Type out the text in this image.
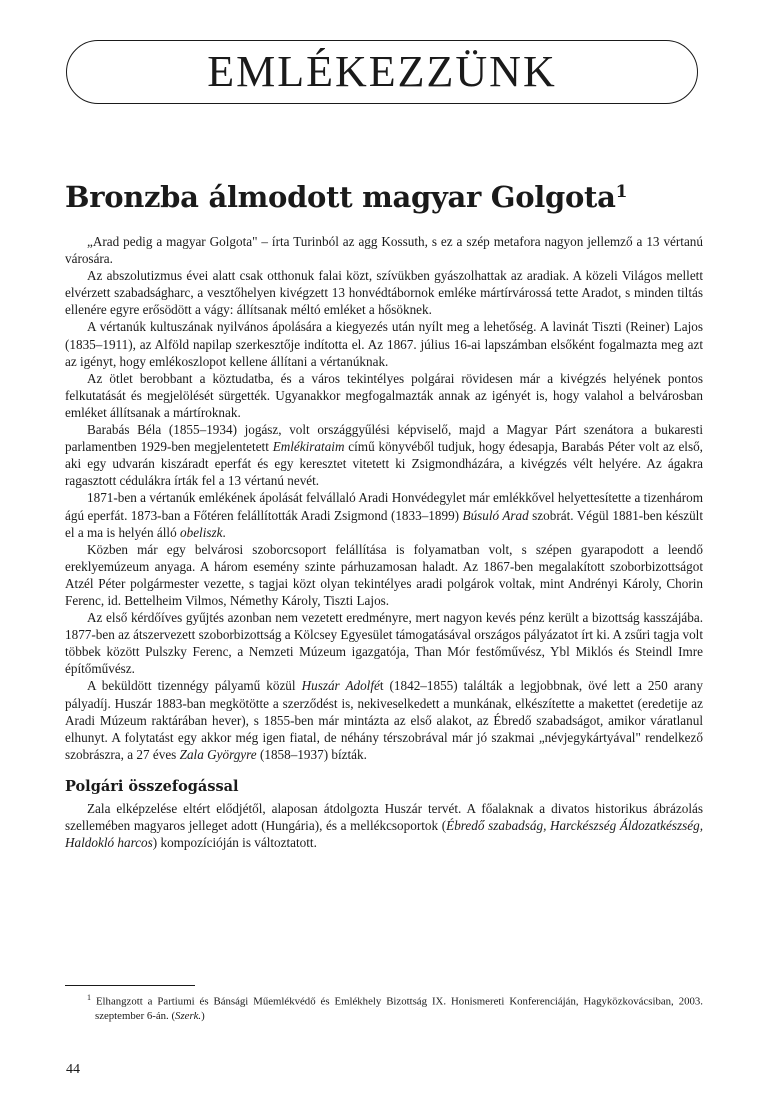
EMLÉKEZZÜNK
Bronzba álmodott magyar Golgota$^1$

„Arad pedig a magyar Golgota" – írta Turinból az agg Kossuth, s ez a szép metafora nagyon jellemző a 13 vértanú városára.

Az abszolutizmus évei alatt csak otthonuk falai közt, szívükben gyászolhattak az aradiak. A közeli Világos mellett elvérzett szabadságharc, a vesztőhelyen kivégzett 13 honvédtábornok emléke mártírvárossá tette Aradot, s minden tiltás ellenére egyre erősödött a vágy: állítsanak méltó emléket a hősöknek.

A vértanúk kultuszának nyilvános ápolására a kiegyezés után nyílt meg a lehetőség. A lavinát Tiszti (Reiner) Lajos (1835–1911), az Alföld napilap szerkesztője indította el. Az 1867. július 16-ai lapszámban elsőként fogalmazta meg azt az igényt, hogy emlékoszlopot kellene állítani a vértanúknak.

Az ötlet berobbant a köztudatba, és a város tekintélyes polgárai rövidesen már a kivégzés helyének pontos felkutatását és megjelölését sürgették. Ugyanakkor megfogalmazták annak az igényét is, hogy valahol a belvárosban emléket állítsanak a mártíroknak.

Barabás Béla (1855–1934) jogász, volt országgyűlési képviselő, majd a Magyar Párt szenátora a bukaresti parlamentben 1929-ben megjelentetett Emlékirataim című könyvéből tudjuk, hogy édesapja, Barabás Péter volt az első, aki egy udvarán kiszáradt eperfát és egy keresztet vitetett ki Zsigmondházára, a kivégzés vélt helyére. Az ágakra ragasztott cédulákra írták fel a 13 vértanú nevét.

1871-ben a vértanúk emlékének ápolását felvállaló Aradi Honvédegylet már emlékkővel helyettesítette a tizenhárom ágú eperfát. 1873-ban a Főtéren felállították Aradi Zsigmond (1833–1899) Búsuló Arad szobrát. Végül 1881-ben készült el a ma is helyén álló obeliszk.

Közben már egy belvárosi szoborcsoport felállítása is folyamatban volt, s szépen gyarapodott a leendő ereklyemúzeum anyaga. A három esemény szinte párhuzamosan haladt. Az 1867-ben megalakított szoborbizottságot Atzél Péter polgármester vezette, s tagjai közt olyan tekintélyes aradi polgárok voltak, mint Andrényi Károly, Chorin Ferenc, id. Bettelheim Vilmos, Némethy Károly, Tiszti Lajos.

Az első kérdőíves gyűjtés azonban nem vezetett eredményre, mert nagyon kevés pénz került a bizottság kasszájába. 1877-ben az átszervezett szoborbizottság a Kölcsey Egyesület támogatásával országos pályázatot írt ki. A zsűri tagja volt többek között Pulszky Ferenc, a Nemzeti Múzeum igazgatója, Than Mór festőművész, Ybl Miklós és Steindl Imre építőművész.

A beküldött tizennégy pályamű közül Huszár Adolfét (1842–1855) találták a legjobbnak, övé lett a 250 arany pályadíj. Huszár 1883-ban megkötötte a szerződést is, nekiveselkedett a munkának, elkészítette a makettet (eredetije az Aradi Múzeum raktárában hever), s 1855-ben már mintázta az első alakot, az Ébredő szabadságot, amikor váratlanul elhunyt. A folytatást egy akkor még igen fiatal, de néhány térszobrával már jó szakmai „névjegykártyával" rendelkező szobrászra, a 27 éves Zala Györgyre (1858–1937) bízták.

Polgári összefogással

Zala elképzelése eltért elődjétől, alaposan átdolgozta Huszár tervét. A főalaknak a divatos historikus ábrázolás szellemében magyaros jelleget adott (Hungária), és a mellékcsoportok (Ébredő szabadság, Harckészség Áldozatkészség, Haldokló harcos) kompozícióján is változtatott.

$^1$ Elhangzott a Partiumi és Bánsági Műemlékvédő és Emlékhely Bizottság IX. Honismereti Konferenciáján, Hagyközkovácsiban, 2003. szeptember 6-án. (Szerk.)
44
